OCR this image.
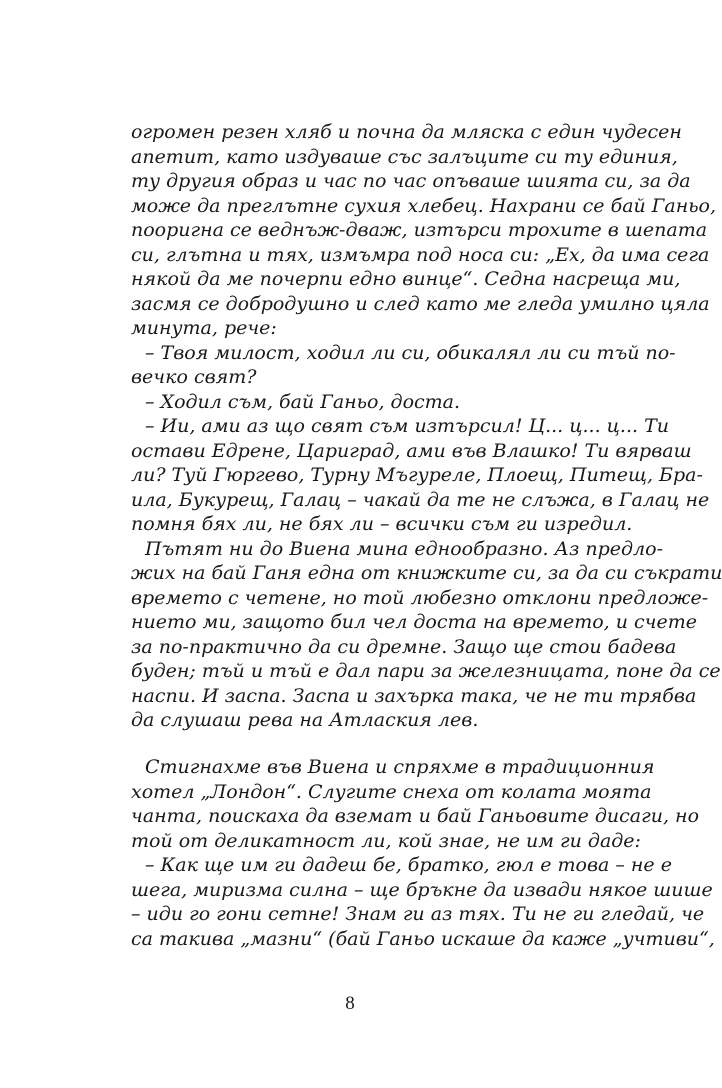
огромен резен хляб и почна да мляска с един чудесен
апетит, като издуваше със залъците си ту единия,
ту другия образ и час по час опъваше шията си, за да
може да преглътне сухия хлебец. Нахрани се бай Ганьо,
пооригна се веднъж-дваж, изтърси трохите в шепата
си, глътна и тях, измъмра под носа си: „Ех, да има сега
някой да ме почерпи едно винце“. Седна насреща ми,
засмя се добродушно и след като ме гледа умилно цяла
минута, рече:
– Твоя милост, ходил ли си, обикалял ли си тъй по-
вечко свят?
– Ходил съм, бай Ганьо, доста.
– Ии, ами аз що свят съм изтърсил! Ц... ц... ц... Ти
остави Едрене, Цариград, ами във Влашко! Ти вярваш
ли? Туй Гюргево, Турну Мъгуреле, Плоещ, Питещ, Бра-
ила, Букурещ, Галац – чакай да те не слъжа, в Галац не
помня бях ли, не бях ли – всички съм ги изредил.
Пътят ни до Виена мина еднообразно. Аз предло-
жих на бай Ганя една от книжките си, за да си съкрати
времето с четене, но той любезно отклони предложе-
нието ми, защото бил чел доста на времето, и счете
за по-практично да си дремне. Защо ще стои бадева
буден; тъй и тъй е дал пари за железницата, поне да се
наспи. И заспа. Заспа и захърка така, че не ти трябва
да слушаш рева на Атлаския лев.
Стигнахме във Виена и спряхме в традиционния
хотел „Лондон“. Слугите снеха от колата моята
чанта, поискаха да вземат и бай Ганьовите дисаги, но
той от деликатност ли, кой знае, не им ги даде:
– Как ще им ги дадеш бе, братко, гюл е това – не е
шега, миризма силна – ще бръкне да извади някое шише
– иди го гони сетне! Знам ги аз тях. Ти не ги гледай, че
са такива „мазни“ (бай Ганьо искаше да каже „учтиви“,
8
